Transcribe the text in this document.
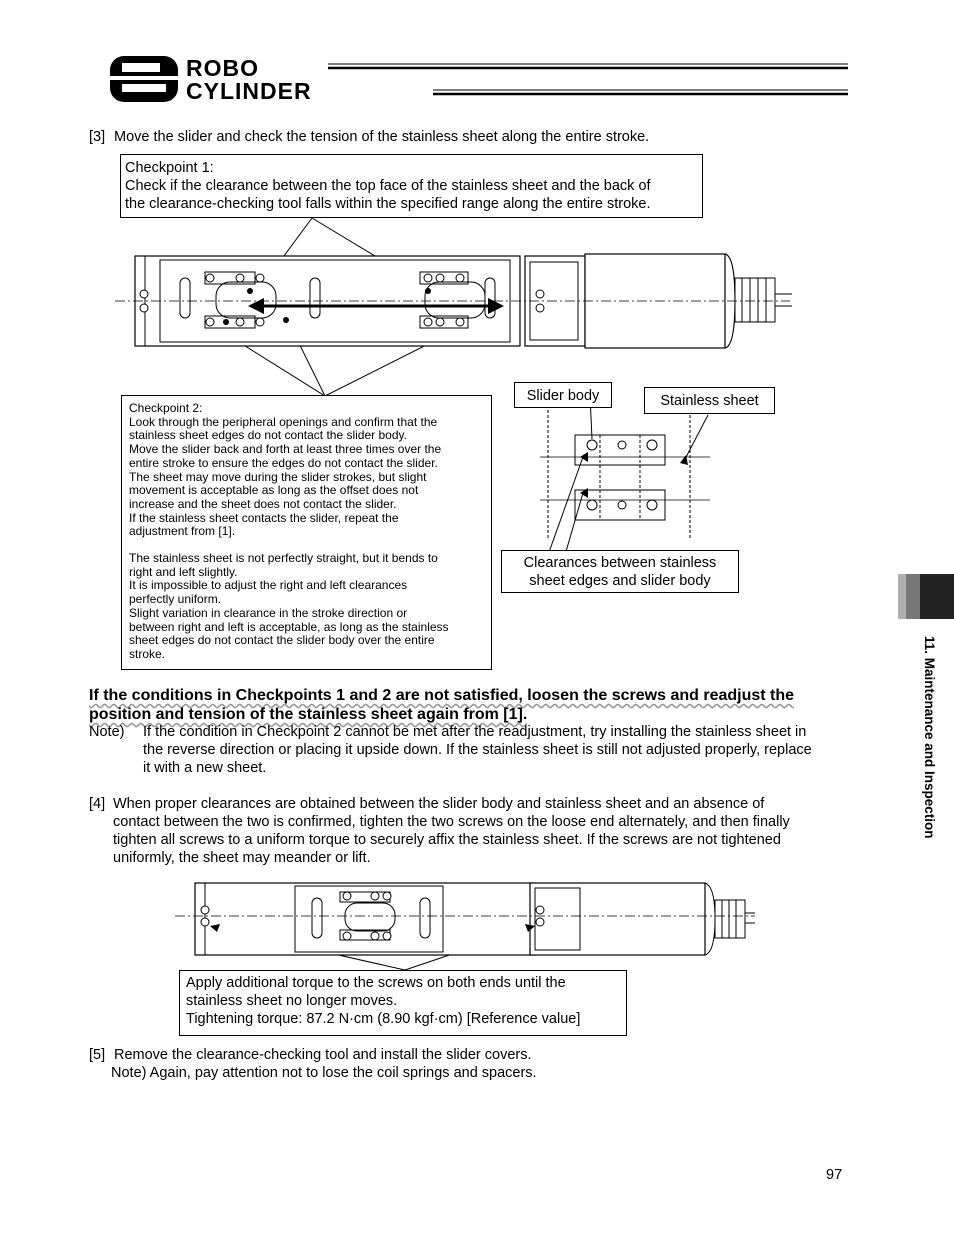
ROBO
CYLINDER
[3] Move the slider and check the tension of the stainless sheet along the entire stroke.
Checkpoint 1:
Check if the clearance between the top face of the stainless sheet and the back of
the clearance-checking tool falls within the specified range along the entire stroke.
Checkpoint 2:
Look through the peripheral openings and confirm that the
stainless sheet edges do not contact the slider body.
Move the slider back and forth at least three times over the
entire stroke to ensure the edges do not contact the slider.
The sheet may move during the slider strokes, but slight
movement is acceptable as long as the offset does not
increase and the sheet does not contact the slider.
If the stainless sheet contacts the slider, repeat the
adjustment from [1].
The stainless sheet is not perfectly straight, but it bends to
right and left slightly.
It is impossible to adjust the right and left clearances
perfectly uniform.
Slight variation in clearance in the stroke direction or
between right and left is acceptable, as long as the stainless
sheet edges do not contact the slider body over the entire
stroke.
Slider body	Stainless sheet
Clearances between stainless
sheet edges and slider body
If the conditions in Checkpoints 1 and 2 are not satisfied, loosen the screws and readjust the
position and tension of the stainless sheet again from [1].
Note) If the condition in Checkpoint 2 cannot be met after the readjustment, try installing the stainless sheet in
the reverse direction or placing it upside down. If the stainless sheet is still not adjusted properly, replace
it with a new sheet.
[4] When proper clearances are obtained between the slider body and stainless sheet and an absence of
contact between the two is confirmed, tighten the two screws on the loose end alternately, and then finally
tighten all screws to a uniform torque to securely affix the stainless sheet. If the screws are not tightened
uniformly, the sheet may meander or lift.
Apply additional torque to the screws on both ends until the
stainless sheet no longer moves.
Tightening torque: 87.2 N·cm (8.90 kgf·cm) [Reference value]
[5] Remove the clearance-checking tool and install the slider covers.
Note) Again, pay attention not to lose the coil springs and spacers.
11. Maintenance and Inspection
97
